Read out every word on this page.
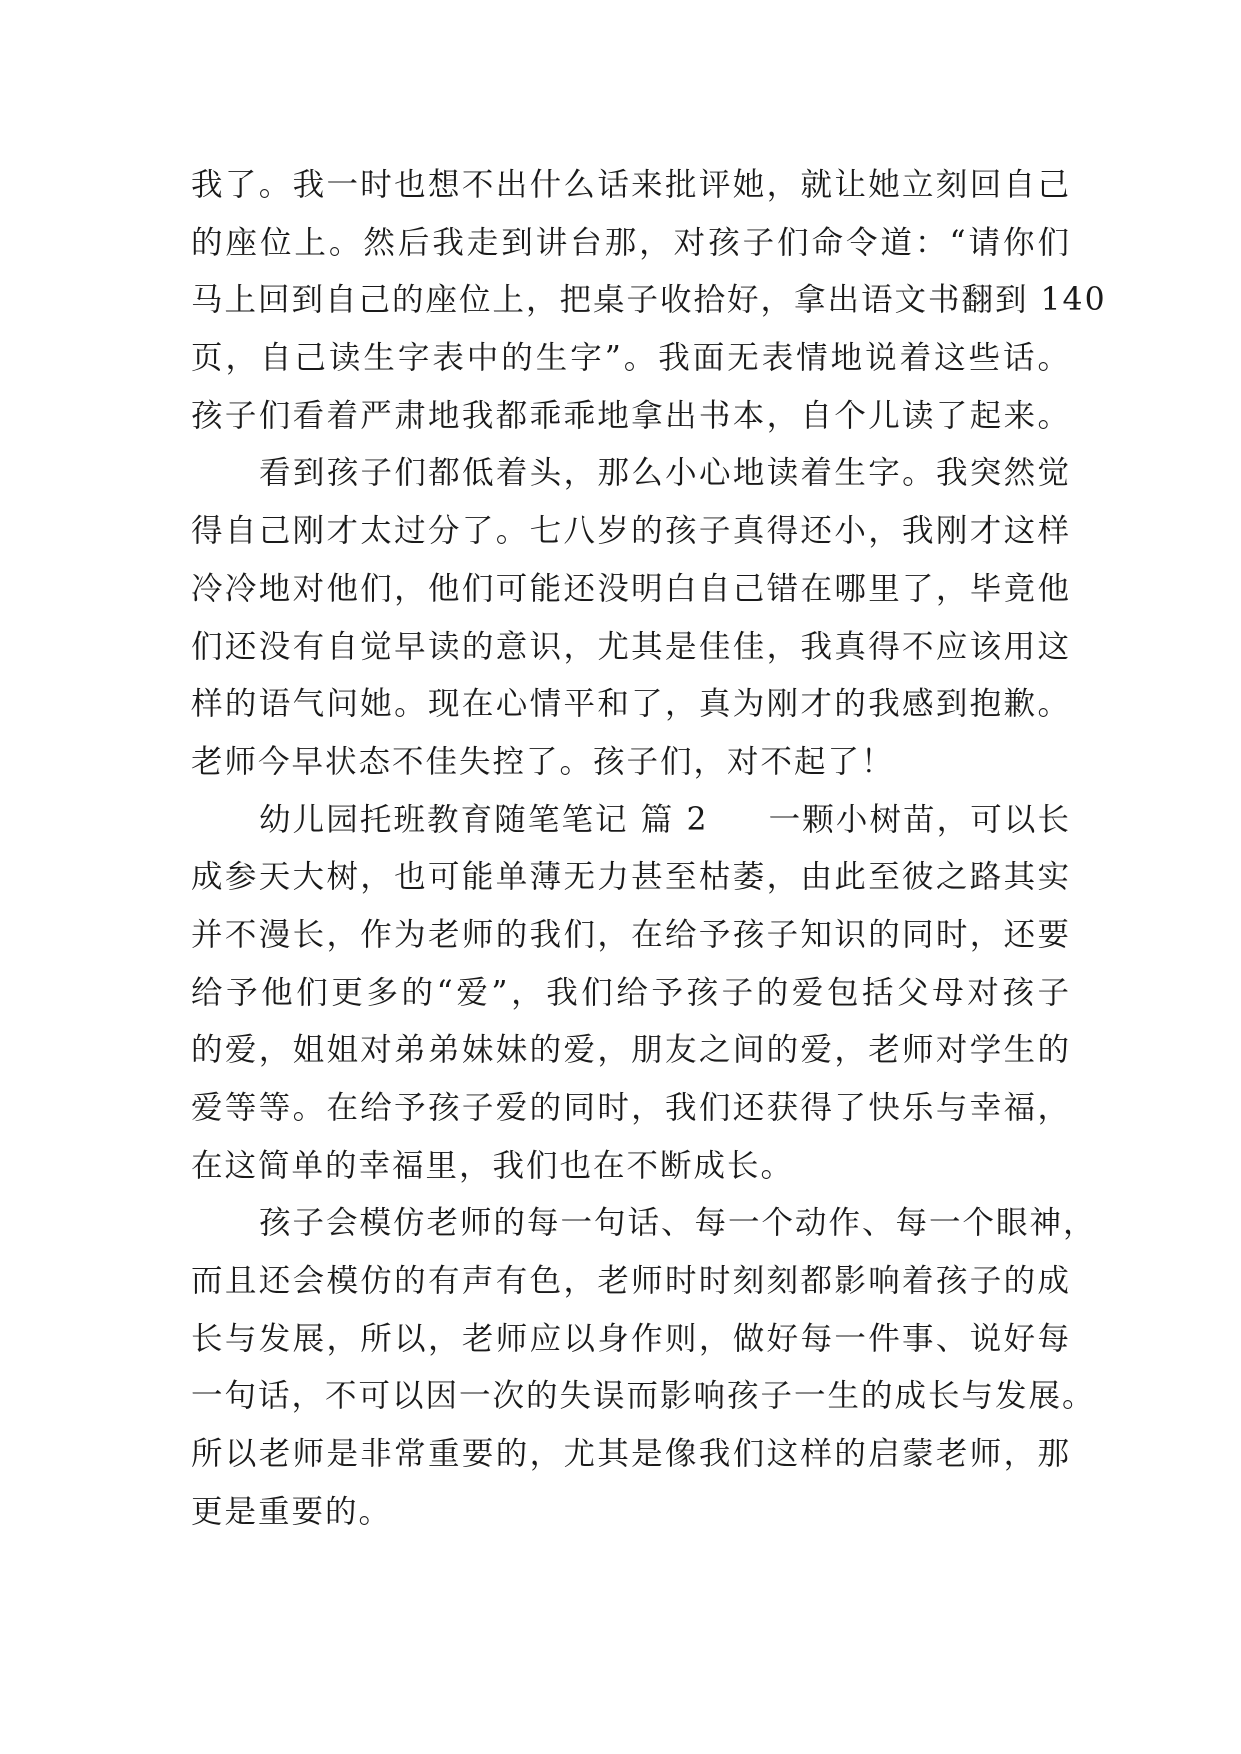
我了。我一时也想不出什么话来批评她，就让她立刻回自己
的座位上。然后我走到讲台那，对孩子们命令道：“请你们
马上回到自己的座位上，把桌子收拾好，拿出语文书翻到 140
页，自己读生字表中的生字”。我面无表情地说着这些话。
孩子们看着严肃地我都乖乖地拿出书本，自个儿读了起来。
看到孩子们都低着头，那么小心地读着生字。我突然觉
得自己刚才太过分了。七八岁的孩子真得还小，我刚才这样
冷冷地对他们，他们可能还没明白自己错在哪里了，毕竟他
们还没有自觉早读的意识，尤其是佳佳，我真得不应该用这
样的语气问她。现在心情平和了，真为刚才的我感到抱歉。
老师今早状态不佳失控了。孩子们，对不起了！
幼儿园托班教育随笔笔记 篇 2 一颗小树苗，可以长
成参天大树，也可能单薄无力甚至枯萎，由此至彼之路其实
并不漫长，作为老师的我们，在给予孩子知识的同时，还要
给予他们更多的“爱”，我们给予孩子的爱包括父母对孩子
的爱，姐姐对弟弟妹妹的爱，朋友之间的爱，老师对学生的
爱等等。在给予孩子爱的同时，我们还获得了快乐与幸福，
在这简单的幸福里，我们也在不断成长。
孩子会模仿老师的每一句话、每一个动作、每一个眼神，
而且还会模仿的有声有色，老师时时刻刻都影响着孩子的成
长与发展，所以，老师应以身作则，做好每一件事、说好每
一句话，不可以因一次的失误而影响孩子一生的成长与发展。
所以老师是非常重要的，尤其是像我们这样的启蒙老师，那
更是重要的。
